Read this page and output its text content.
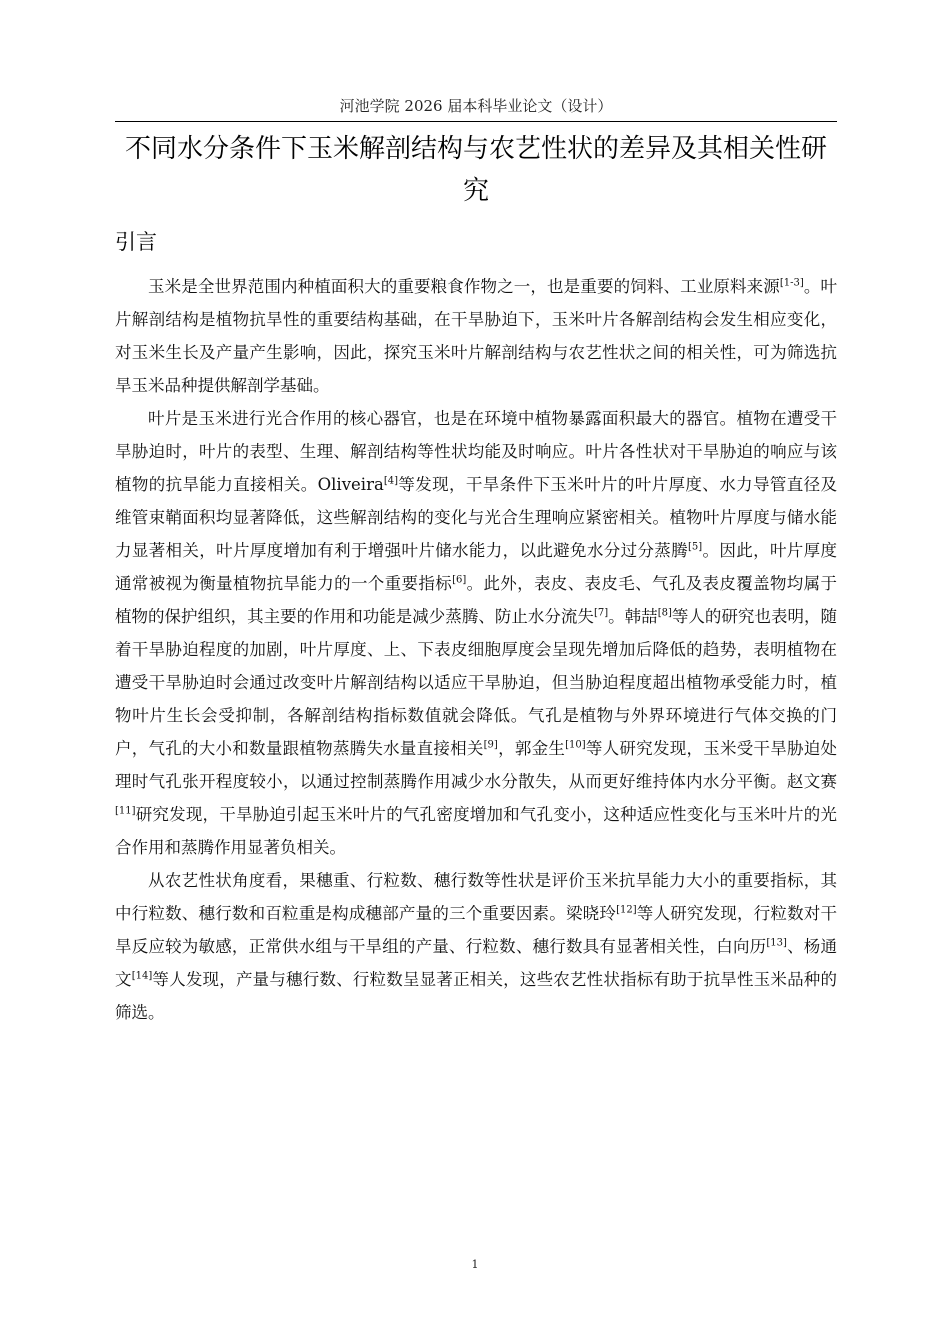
河池学院 2026 届本科毕业论文（设计）
不同水分条件下玉米解剖结构与农艺性状的差异及其相关性研究
引言

玉米是全世界范围内种植面积大的重要粮食作物之一，也是重要的饲料、工业原料来源[1-3]。叶片解剖结构是植物抗旱性的重要结构基础，在干旱胁迫下，玉米叶片各解剖结构会发生相应变化，对玉米生长及产量产生影响，因此，探究玉米叶片解剖结构与农艺性状之间的相关性，可为筛选抗旱玉米品种提供解剖学基础。

叶片是玉米进行光合作用的核心器官，也是在环境中植物暴露面积最大的器官。植物在遭受干旱胁迫时，叶片的表型、生理、解剖结构等性状均能及时响应。叶片各性状对干旱胁迫的响应与该植物的抗旱能力直接相关。Oliveira[4]等发现，干旱条件下玉米叶片的叶片厚度、水力导管直径及维管束鞘面积均显著降低，这些解剖结构的变化与光合生理响应紧密相关。植物叶片厚度与储水能力显著相关，叶片厚度增加有利于增强叶片储水能力，以此避免水分过分蒸腾[5]。因此，叶片厚度通常被视为衡量植物抗旱能力的一个重要指标[6]。此外，表皮、表皮毛、气孔及表皮覆盖物均属于植物的保护组织，其主要的作用和功能是减少蒸腾、防止水分流失[7]。韩喆[8]等人的研究也表明，随着干旱胁迫程度的加剧，叶片厚度、上、下表皮细胞厚度会呈现先增加后降低的趋势，表明植物在遭受干旱胁迫时会通过改变叶片解剖结构以适应干旱胁迫，但当胁迫程度超出植物承受能力时，植物叶片生长会受抑制，各解剖结构指标数值就会降低。气孔是植物与外界环境进行气体交换的门户，气孔的大小和数量跟植物蒸腾失水量直接相关[9]，郭金生[10]等人研究发现，玉米受干旱胁迫处理时气孔张开程度较小，以通过控制蒸腾作用减少水分散失，从而更好维持体内水分平衡。赵文赛[11]研究发现，干旱胁迫引起玉米叶片的气孔密度增加和气孔变小，这种适应性变化与玉米叶片的光合作用和蒸腾作用显著负相关。

从农艺性状角度看，果穗重、行粒数、穗行数等性状是评价玉米抗旱能力大小的重要指标，其中行粒数、穗行数和百粒重是构成穗部产量的三个重要因素。梁晓玲[12]等人研究发现，行粒数对干旱反应较为敏感，正常供水组与干旱组的产量、行粒数、穗行数具有显著相关性，白向历[13]、杨通文[14]等人发现，产量与穗行数、行粒数呈显著正相关，这些农艺性状指标有助于抗旱性玉米品种的筛选。

1
